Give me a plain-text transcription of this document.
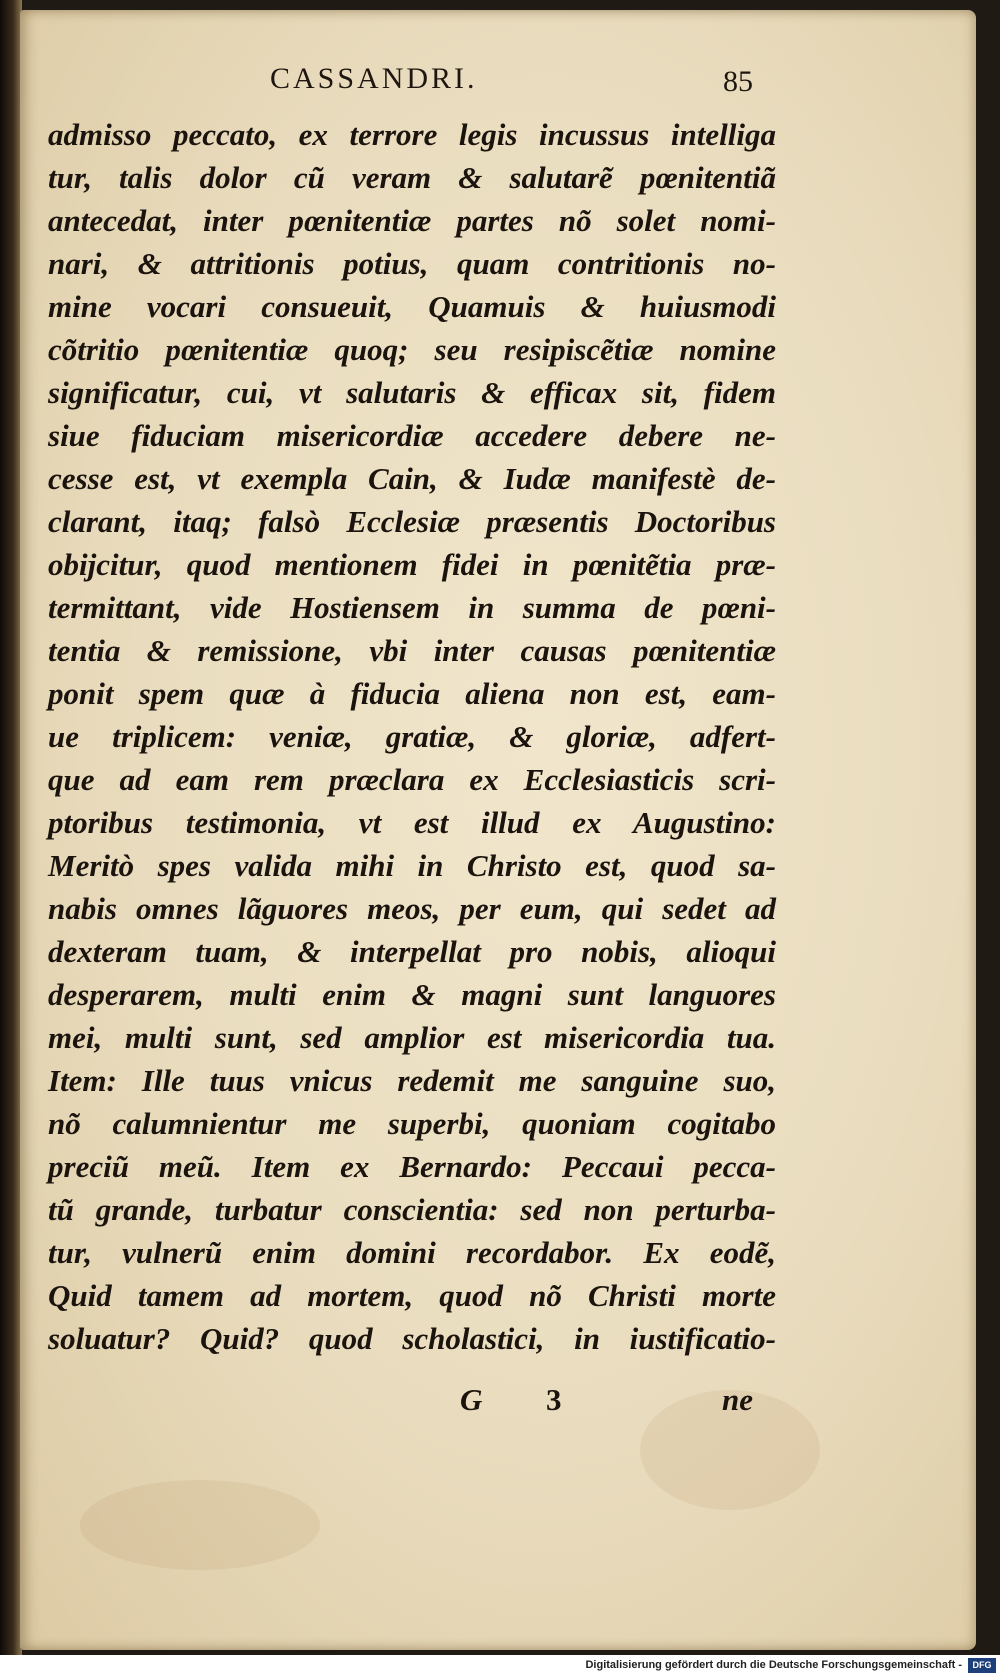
CASSANDRI.	85
admisso peccato, ex terrore legis incussus intelliga
tur, talis dolor cũ veram & salutarẽ pœnitentiã
antecedat, inter pœnitentiæ partes nõ solet nomi-
nari, & attritionis potius, quam contritionis no-
mine vocari consueuit, Quamuis & huiusmodi
cõtritio pœnitentiæ quoq; seu resipiscẽtiæ nomine
significatur, cui, vt salutaris & efficax sit, fidem
siue fiduciam misericordiæ accedere debere ne-
cesse est, vt exempla Cain, & Iudæ manifestè de-
clarant, itaq; falsò Ecclesiæ præsentis Doctoribus
obijcitur, quod mentionem fidei in pœnitẽtia præ-
termittant, vide Hostiensem in summa de pœni-
tentia & remissione, vbi inter causas pœnitentiæ
ponit spem quæ à fiducia aliena non est, eam-
ue triplicem: veniæ, gratiæ, & gloriæ, adfert-
que ad eam rem præclara ex Ecclesiasticis scri-
ptoribus testimonia, vt est illud ex Augustino:
Meritò spes valida mihi in Christo est, quod sa-
nabis omnes lãguores meos, per eum, qui sedet ad
dexteram tuam, & interpellat pro nobis, alioqui
desperarem, multi enim & magni sunt languores
mei, multi sunt, sed amplior est misericordia tua.
Item: Ille tuus vnicus redemit me sanguine suo,
nõ calumnientur me superbi, quoniam cogitabo
preciũ meũ. Item ex Bernardo: Peccaui pecca-
tũ grande, turbatur conscientia: sed non perturba-
tur, vulnerũ enim domini recordabor. Ex eodẽ,
Quid tamem ad mortem, quod nõ Christi morte
soluatur? Quid? quod scholastici, in iustificatio-
G 3	ne
Digitalisierung gefördert durch die Deutsche Forschungsgemeinschaft -	DFG
